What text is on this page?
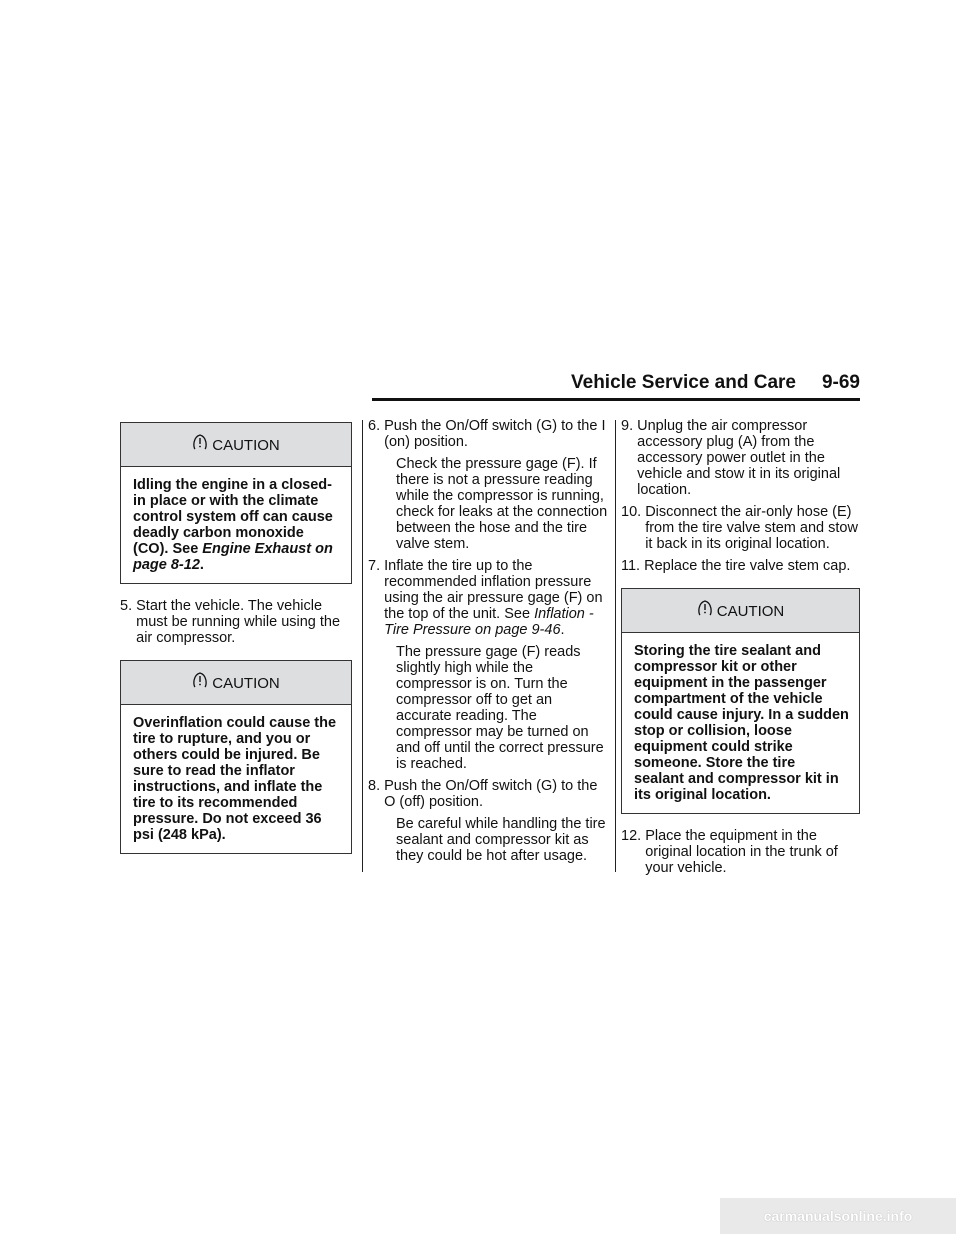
Vehicle Service and Care 9-69
CAUTION
Idling the engine in a closed-in place or with the climate control system off can cause deadly carbon monoxide (CO). See Engine Exhaust on page 8-12.
5. Start the vehicle. The vehicle must be running while using the air compressor.
CAUTION
Overinflation could cause the tire to rupture, and you or others could be injured. Be sure to read the inflator instructions, and inflate the tire to its recommended pressure. Do not exceed 36 psi (248 kPa).
6. Push the On/Off switch (G) to the I (on) position.
Check the pressure gage (F). If there is not a pressure reading while the compressor is running, check for leaks at the connection between the hose and the tire valve stem.
7. Inflate the tire up to the recommended inflation pressure using the air pressure gage (F) on the top of the unit. See Inflation - Tire Pressure on page 9-46.
The pressure gage (F) reads slightly high while the compressor is on. Turn the compressor off to get an accurate reading. The compressor may be turned on and off until the correct pressure is reached.
8. Push the On/Off switch (G) to the O (off) position.
Be careful while handling the tire sealant and compressor kit as they could be hot after usage.
9. Unplug the air compressor accessory plug (A) from the accessory power outlet in the vehicle and stow it in its original location.
10. Disconnect the air-only hose (E) from the tire valve stem and stow it back in its original location.
11. Replace the tire valve stem cap.
CAUTION
Storing the tire sealant and compressor kit or other equipment in the passenger compartment of the vehicle could cause injury. In a sudden stop or collision, loose equipment could strike someone. Store the tire sealant and compressor kit in its original location.
12. Place the equipment in the original location in the trunk of your vehicle.
carmanualsonline.info
